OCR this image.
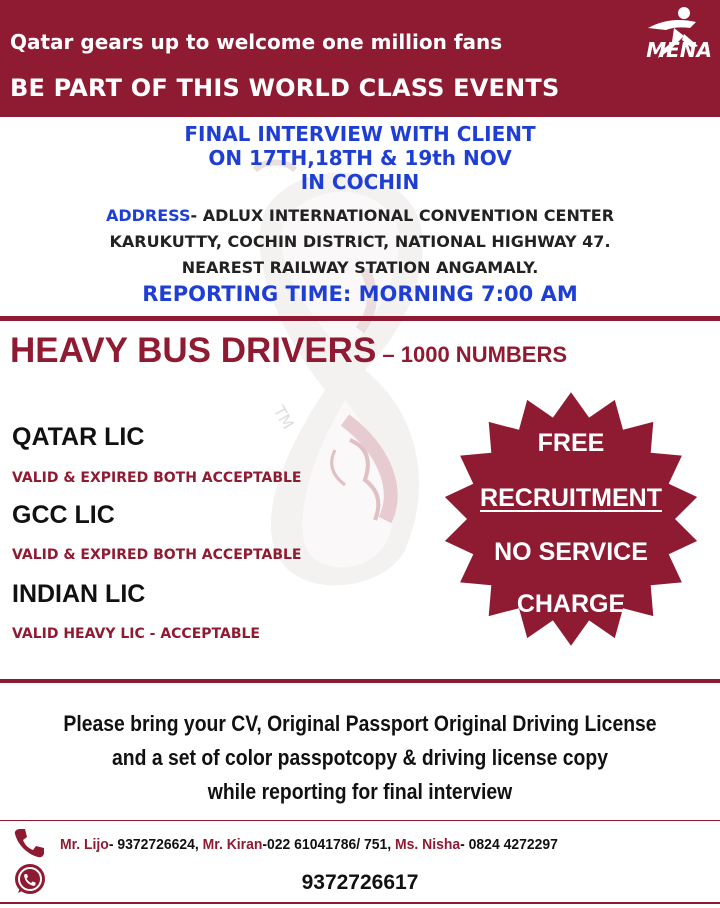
Qatar gears up to welcome one million fans
BE PART OF THIS WORLD CLASS EVENTS
MENA
TM
FINAL INTERVIEW WITH CLIENT
ON 17TH,18TH & 19th NOV
IN COCHIN
ADDRESS- ADLUX INTERNATIONAL CONVENTION CENTER
KARUKUTTY, COCHIN DISTRICT, NATIONAL HIGHWAY 47.
NEAREST RAILWAY STATION ANGAMALY.
REPORTING TIME: MORNING 7:00 AM
HEAVY BUS DRIVERS – 1000 NUMBERS
QATAR LIC
VALID & EXPIRED BOTH ACCEPTABLE
GCC LIC
VALID & EXPIRED BOTH ACCEPTABLE
INDIAN LIC
VALID HEAVY LIC - ACCEPTABLE
FREE
RECRUITMENT
NO SERVICE
CHARGE
Please bring your CV, Original Passport Original Driving License
and a set of color passpotcopy & driving license copy
while reporting for final interview
Mr. Lijo- 9372726624, Mr. Kiran-022 61041786/ 751, Ms. Nisha- 0824 4272297
9372726617
